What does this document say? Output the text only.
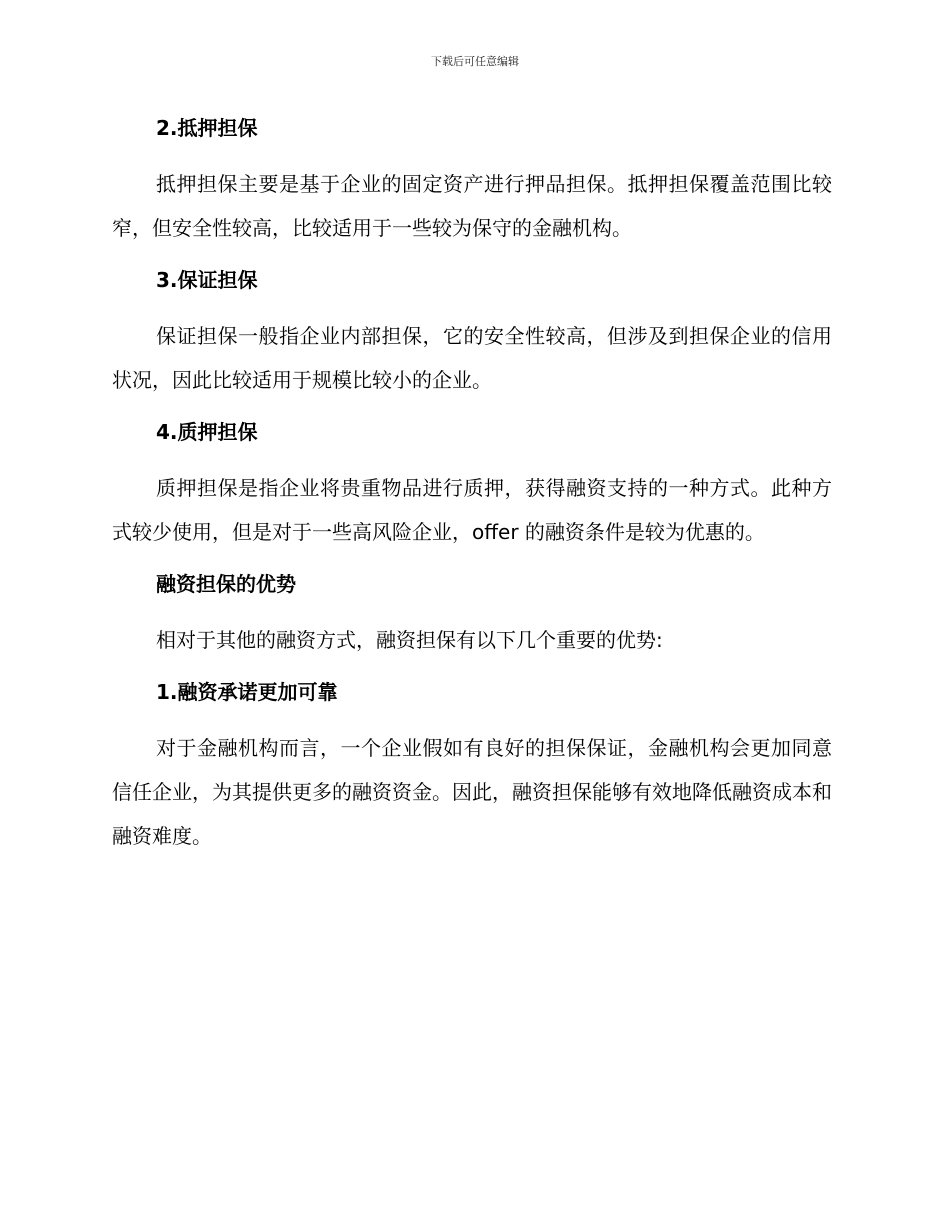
下载后可任意编辑
2.抵押担保

抵押担保主要是基于企业的固定资产进行押品担保。抵押担保覆盖范围比较窄，但安全性较高，比较适用于一些较为保守的金融机构。

3.保证担保

保证担保一般指企业内部担保，它的安全性较高，但涉及到担保企业的信用状况，因此比较适用于规模比较小的企业。

4.质押担保

质押担保是指企业将贵重物品进行质押，获得融资支持的一种方式。此种方式较少使用，但是对于一些高风险企业，offer 的融资条件是较为优惠的。

融资担保的优势

相对于其他的融资方式，融资担保有以下几个重要的优势:

1.融资承诺更加可靠

对于金融机构而言，一个企业假如有良好的担保保证，金融机构会更加同意信任企业，为其提供更多的融资资金。因此，融资担保能够有效地降低融资成本和融资难度。
